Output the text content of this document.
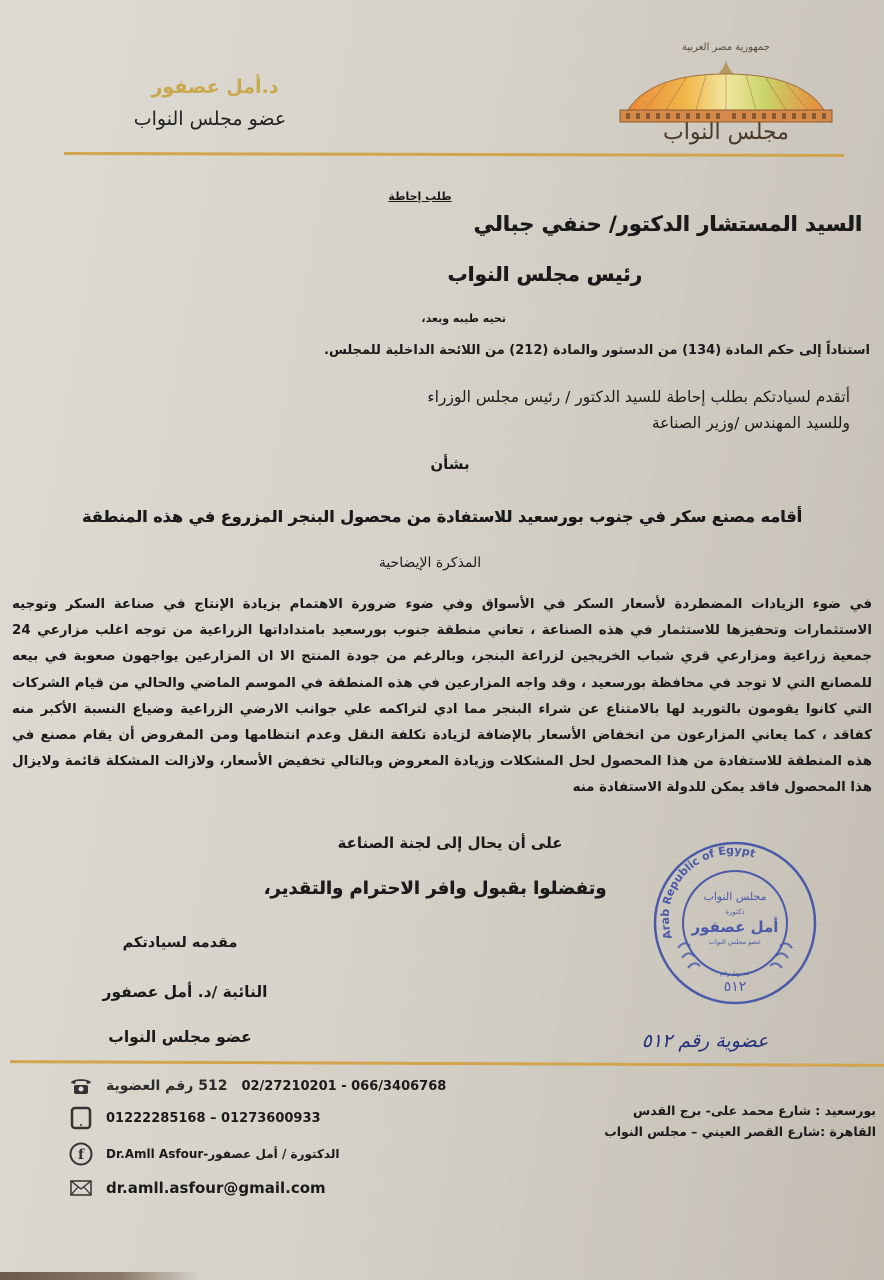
جمهورية مصر العربية
مجلس النواب
د.أمل عصفور
عضو مجلس النواب
طلب إحاطة
السيد المستشار الدكتور/ حنفي جبالي
رئيس مجلس النواب
تحيه طيبه وبعد،
استناداً إلى حكم المادة (134) من الدستور والمادة (212) من اللائحة الداخلية للمجلس.
أتقدم لسيادتكم بطلب إحاطة للسيد الدكتور / رئيس مجلس الوزراء
وللسيد المهندس /وزير الصناعة
بشأن
أقامه مصنع سكر في جنوب بورسعيد للاستفادة من محصول البنجر المزروع في هذه المنطقة
المذكرة الإيضاحية
في ضوء الزيادات المضطردة لأسعار السكر في الأسواق وفي ضوء ضرورة الاهتمام بزيادة الإنتاج في صناعة السكر وتوجيه الاستثمارات وتحفيزها للاستثمار في هذه الصناعة ، تعاني منطقة جنوب بورسعيد بامتداداتها الزراعية من توجه اغلب مزارعي 24 جمعية زراعية ومزارعي قري شباب الخريجين لزراعة البنجر، وبالرغم من جودة المنتج الا ان المزارعين يواجهون صعوبة في بيعه للمصانع التي لا توجد في محافظة بورسعيد ، وقد واجه المزارعين في هذه المنطقة في الموسم الماضي والحالي من قيام الشركات التي كانوا يقومون بالتوريد لها بالامتناع عن شراء البنجر مما ادي لتراكمه علي جوانب الارضي الزراعية وضياع النسبة الأكبر منه كفاقد ، كما يعاني المزارعون من انخفاض الأسعار بالإضافة لزيادة تكلفة النقل وعدم انتظامها ومن المفروض أن يقام مصنع في هذه المنطقة للاستفادة من هذا المحصول لحل المشكلات وزيادة المعروض وبالتالي تخفيض الأسعار، ولازالت المشكلة قائمة ولايزال هذا المحصول فاقد يمكن للدولة الاستفادة منه
على أن يحال إلى لجنة الصناعة
وتفضلوا بقبول وافر الاحترام والتقدير،
مقدمه لسيادتكم
النائبة /د. أمل عصفور
عضو مجلس النواب
Arab Republic of Egypt
مجلس النواب
دكتورة
أمل عصفور
عضو مجلس النواب
عضوية رقم
٥١٢
عضوية رقم ٥١٢
512 رقم العضوية 02/27210201 - 066/3406768
01222285168 – 01273600933
f Dr.Amll Asfour-الدكتورة / أمل عصفور
dr.amll.asfour@gmail.com
بورسعيد : شارع محمد على- برج القدس
القاهرة :شارع القصر العيني – مجلس النواب
